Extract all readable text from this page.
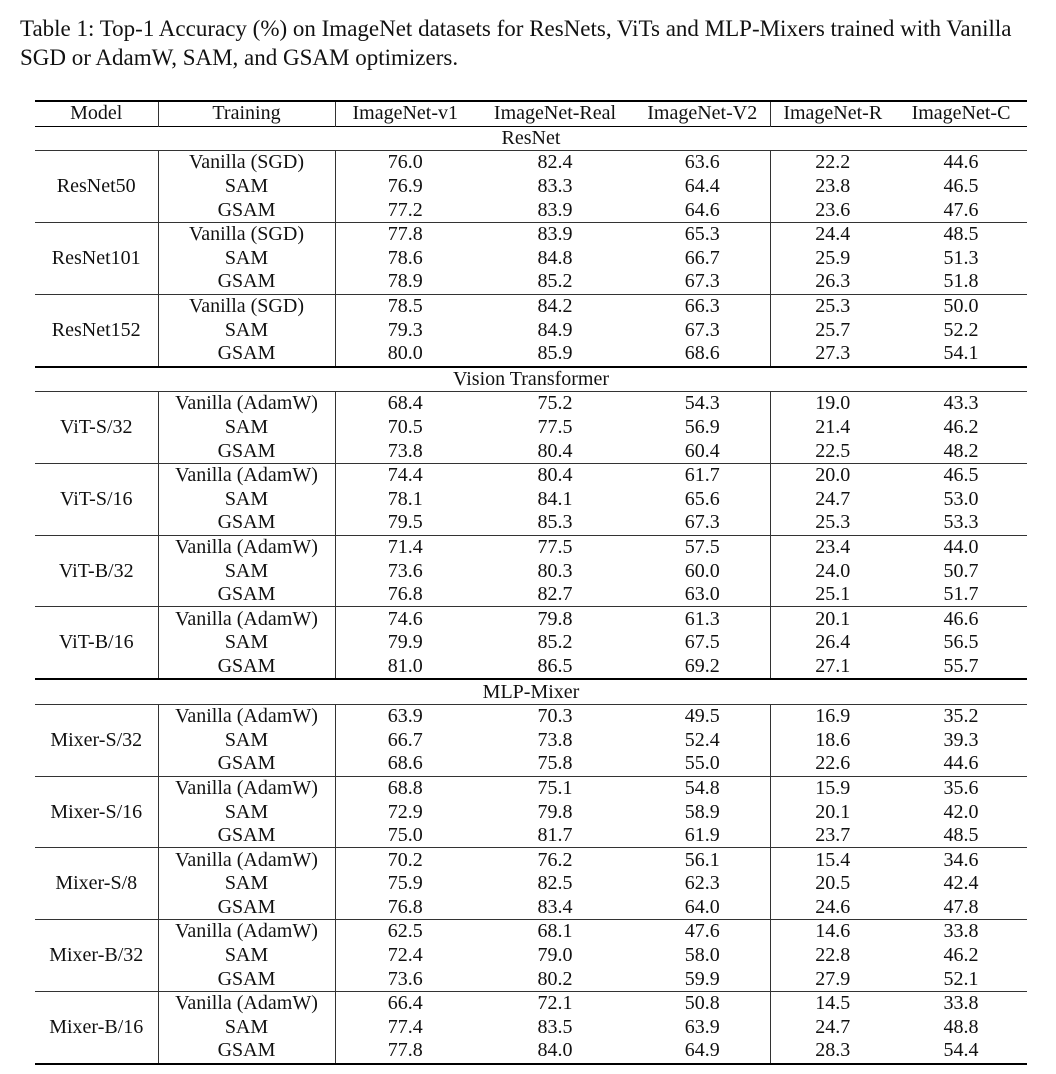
Table 1: Top-1 Accuracy (%) on ImageNet datasets for ResNets, ViTs and MLP-Mixers trained with Vanilla SGD or AdamW, SAM, and GSAM optimizers.
Model	Training	ImageNet-v1	ImageNet-Real	ImageNet-V2	ImageNet-R	ImageNet-C
ResNet						
ResNet50	Vanilla (SGD)	76.0	82.4	63.6	22.2	44.6
	SAM	76.9	83.3	64.4	23.8	46.5
	GSAM	77.2	83.9	64.6	23.6	47.6
ResNet101	Vanilla (SGD)	77.8	83.9	65.3	24.4	48.5
	SAM	78.6	84.8	66.7	25.9	51.3
	GSAM	78.9	85.2	67.3	26.3	51.8
ResNet152	Vanilla (SGD)	78.5	84.2	66.3	25.3	50.0
	SAM	79.3	84.9	67.3	25.7	52.2
	GSAM	80.0	85.9	68.6	27.3	54.1
Vision Transformer						
ViT-S/32	Vanilla (AdamW)	68.4	75.2	54.3	19.0	43.3
	SAM	70.5	77.5	56.9	21.4	46.2
	GSAM	73.8	80.4	60.4	22.5	48.2
ViT-S/16	Vanilla (AdamW)	74.4	80.4	61.7	20.0	46.5
	SAM	78.1	84.1	65.6	24.7	53.0
	GSAM	79.5	85.3	67.3	25.3	53.3
ViT-B/32	Vanilla (AdamW)	71.4	77.5	57.5	23.4	44.0
	SAM	73.6	80.3	60.0	24.0	50.7
	GSAM	76.8	82.7	63.0	25.1	51.7
ViT-B/16	Vanilla (AdamW)	74.6	79.8	61.3	20.1	46.6
	SAM	79.9	85.2	67.5	26.4	56.5
	GSAM	81.0	86.5	69.2	27.1	55.7
MLP-Mixer						
Mixer-S/32	Vanilla (AdamW)	63.9	70.3	49.5	16.9	35.2
	SAM	66.7	73.8	52.4	18.6	39.3
	GSAM	68.6	75.8	55.0	22.6	44.6
Mixer-S/16	Vanilla (AdamW)	68.8	75.1	54.8	15.9	35.6
	SAM	72.9	79.8	58.9	20.1	42.0
	GSAM	75.0	81.7	61.9	23.7	48.5
Mixer-S/8	Vanilla (AdamW)	70.2	76.2	56.1	15.4	34.6
	SAM	75.9	82.5	62.3	20.5	42.4
	GSAM	76.8	83.4	64.0	24.6	47.8
Mixer-B/32	Vanilla (AdamW)	62.5	68.1	47.6	14.6	33.8
	SAM	72.4	79.0	58.0	22.8	46.2
	GSAM	73.6	80.2	59.9	27.9	52.1
Mixer-B/16	Vanilla (AdamW)	66.4	72.1	50.8	14.5	33.8
	SAM	77.4	83.5	63.9	24.7	48.8
	GSAM	77.8	84.0	64.9	28.3	54.4
